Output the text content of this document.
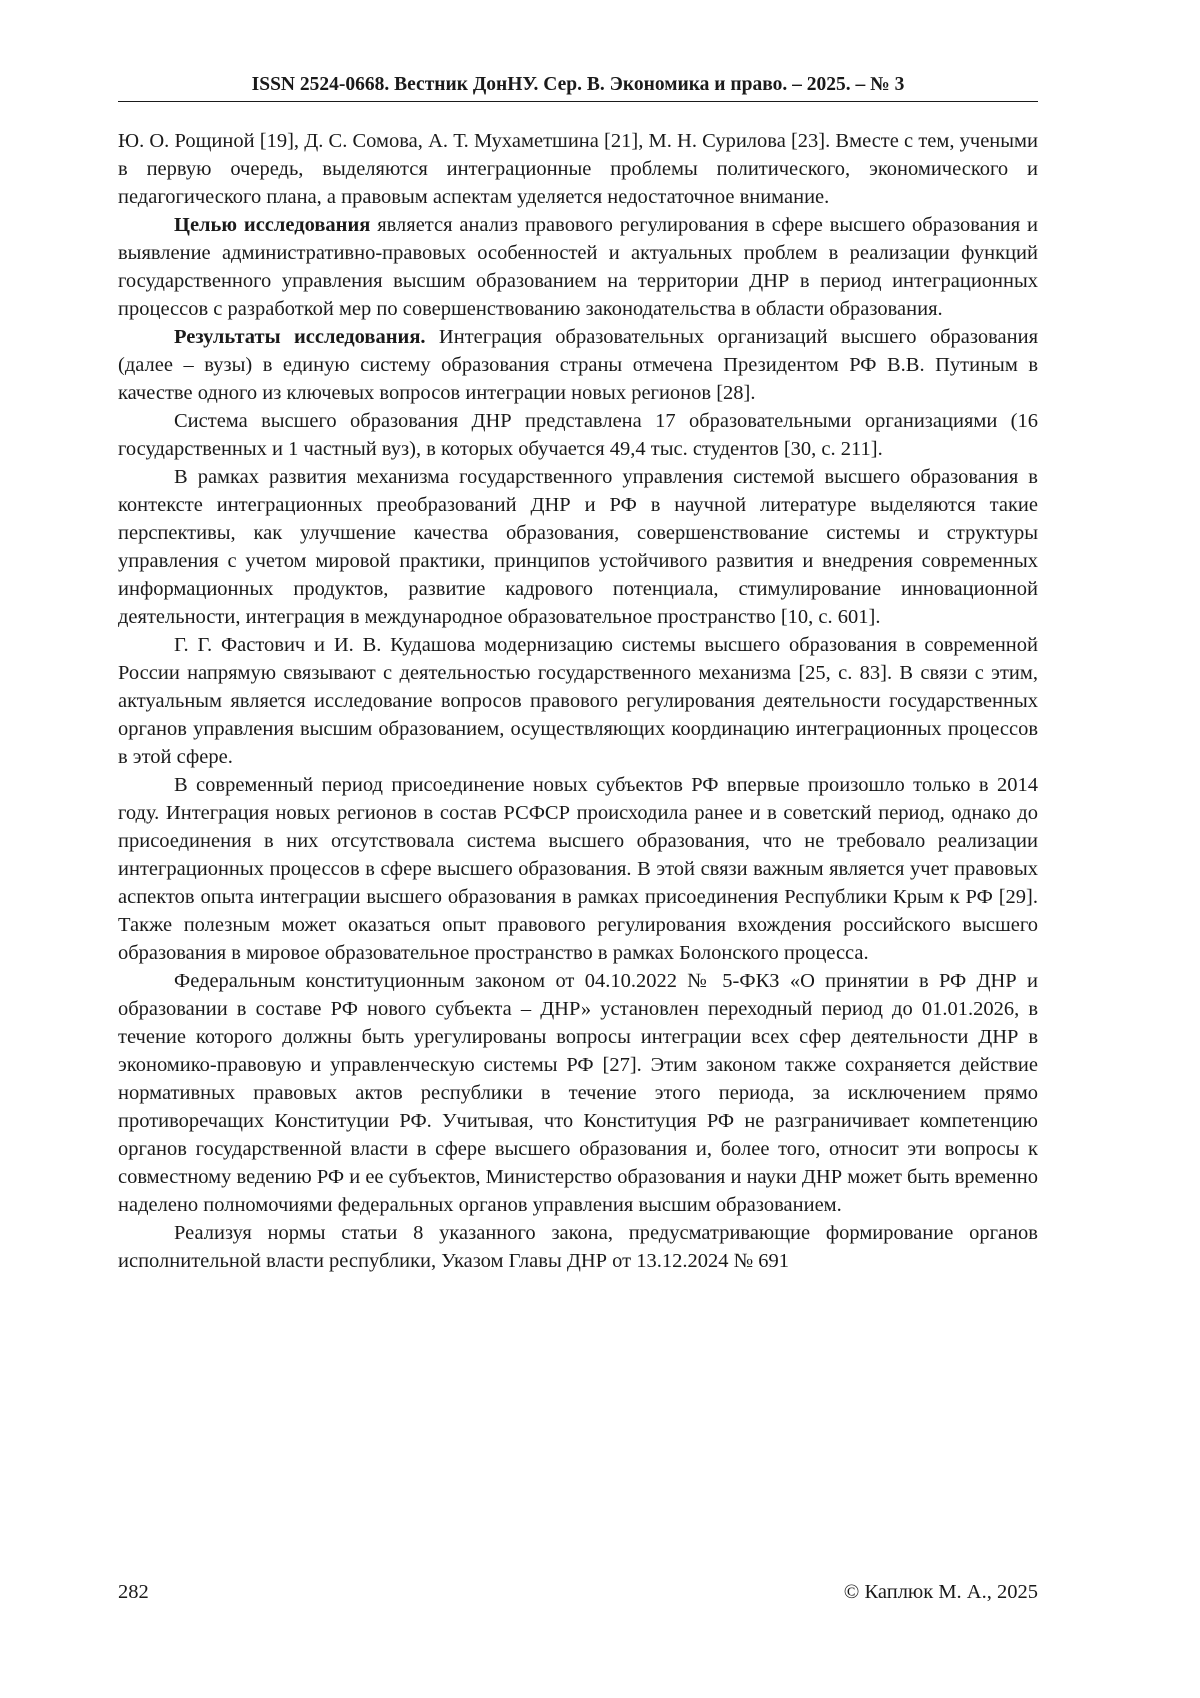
ISSN 2524-0668. Вестник ДонНУ. Сер. В. Экономика и право. – 2025. – № 3

Ю. О. Рощиной [19], Д. С. Сомова, А. Т. Мухаметшина [21], М. Н. Сурилова [23]. Вместе с тем, учеными в первую очередь, выделяются интеграционные проблемы политического, экономического и педагогического плана, а правовым аспектам уделяется недостаточное внимание.

Целью исследования является анализ правового регулирования в сфере высшего образования и выявление административно-правовых особенностей и актуальных проблем в реализации функций государственного управления высшим образованием на территории ДНР в период интеграционных процессов с разработкой мер по совершенствованию законодательства в области образования.

Результаты исследования. Интеграция образовательных организаций высшего образования (далее – вузы) в единую систему образования страны отмечена Президентом РФ В.В. Путиным в качестве одного из ключевых вопросов интеграции новых регионов [28].

Система высшего образования ДНР представлена 17 образовательными организациями (16 государственных и 1 частный вуз), в которых обучается 49,4 тыс. студентов [30, с. 211].

В рамках развития механизма государственного управления системой высшего образования в контексте интеграционных преобразований ДНР и РФ в научной литературе выделяются такие перспективы, как улучшение качества образования, совершенствование системы и структуры управления с учетом мировой практики, принципов устойчивого развития и внедрения современных информационных продуктов, развитие кадрового потенциала, стимулирование инновационной деятельности, интеграция в международное образовательное пространство [10, с. 601].

Г. Г. Фастович и И. В. Кудашова модернизацию системы высшего образования в современной России напрямую связывают с деятельностью государственного механизма [25, с. 83]. В связи с этим, актуальным является исследование вопросов правового регулирования деятельности государственных органов управления высшим образованием, осуществляющих координацию интеграционных процессов в этой сфере.

В современный период присоединение новых субъектов РФ впервые произошло только в 2014 году. Интеграция новых регионов в состав РСФСР происходила ранее и в советский период, однако до присоединения в них отсутствовала система высшего образования, что не требовало реализации интеграционных процессов в сфере высшего образования. В этой связи важным является учет правовых аспектов опыта интеграции высшего образования в рамках присоединения Республики Крым к РФ [29]. Также полезным может оказаться опыт правового регулирования вхождения российского высшего образования в мировое образовательное пространство в рамках Болонского процесса.

Федеральным конституционным законом от 04.10.2022 № 5-ФКЗ «О принятии в РФ ДНР и образовании в составе РФ нового субъекта – ДНР» установлен переходный период до 01.01.2026, в течение которого должны быть урегулированы вопросы интеграции всех сфер деятельности ДНР в экономико-правовую и управленческую системы РФ [27]. Этим законом также сохраняется действие нормативных правовых актов республики в течение этого периода, за исключением прямо противоречащих Конституции РФ. Учитывая, что Конституция РФ не разграничивает компетенцию органов государственной власти в сфере высшего образования и, более того, относит эти вопросы к совместному ведению РФ и ее субъектов, Министерство образования и науки ДНР может быть временно наделено полномочиями федеральных органов управления высшим образованием.

Реализуя нормы статьи 8 указанного закона, предусматривающие формирование органов исполнительной власти республики, Указом Главы ДНР от 13.12.2024 № 691

282	© Каплюк М. А., 2025
